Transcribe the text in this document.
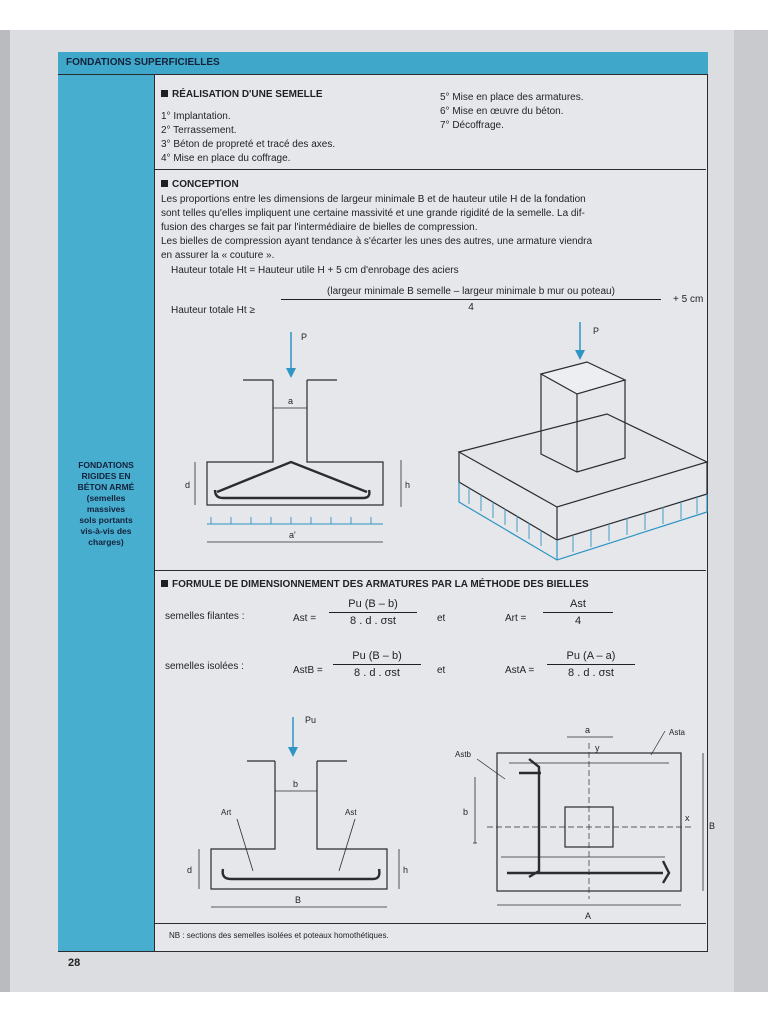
FONDATIONS SUPERFICIELLES
FONDATIONS
RIGIDES EN
BÉTON ARMÉ
(semelles
massives
sols portants
vis-à-vis des
charges)
RÉALISATION D'UNE SEMELLE
1° Implantation.
2° Terrassement.
3° Béton de propreté et tracé des axes.
4° Mise en place du coffrage.
5° Mise en place des armatures.
6° Mise en œuvre du béton.
7° Décoffrage.
CONCEPTION
Les proportions entre les dimensions de largeur minimale B et de hauteur utile H de la fondation
sont telles qu'elles impliquent une certaine massivité et une grande rigidité de la semelle. La dif-
fusion des charges se fait par l'intermédiaire de bielles de compression.
Les bielles de compression ayant tendance à s'écarter les unes des autres, une armature viendra
en assurer la « couture ».
Hauteur totale Ht = Hauteur utile H + 5 cm d'enrobage des aciers
Hauteur totale Ht ≥
(largeur minimale B semelle – largeur minimale b mur ou poteau)
4
+ 5 cm
P
a
d	h
a'
P
FORMULE DE DIMENSIONNEMENT DES ARMATURES PAR LA MÉTHODE DES BIELLES
semelles filantes :	Ast =
Pu (B – b)
8 . d . σst	et	Art =
Ast
4
semelles isolées :	AstB =
Pu (B – b)
8 . d . σst	et	AstA =
Pu (A – a)
8 . d . σst
Pu
b
Art	Ast
d	h
B
a
y
Asta
Astb
b
x
B
A
NB : sections des semelles isolées et poteaux homothétiques.
28
